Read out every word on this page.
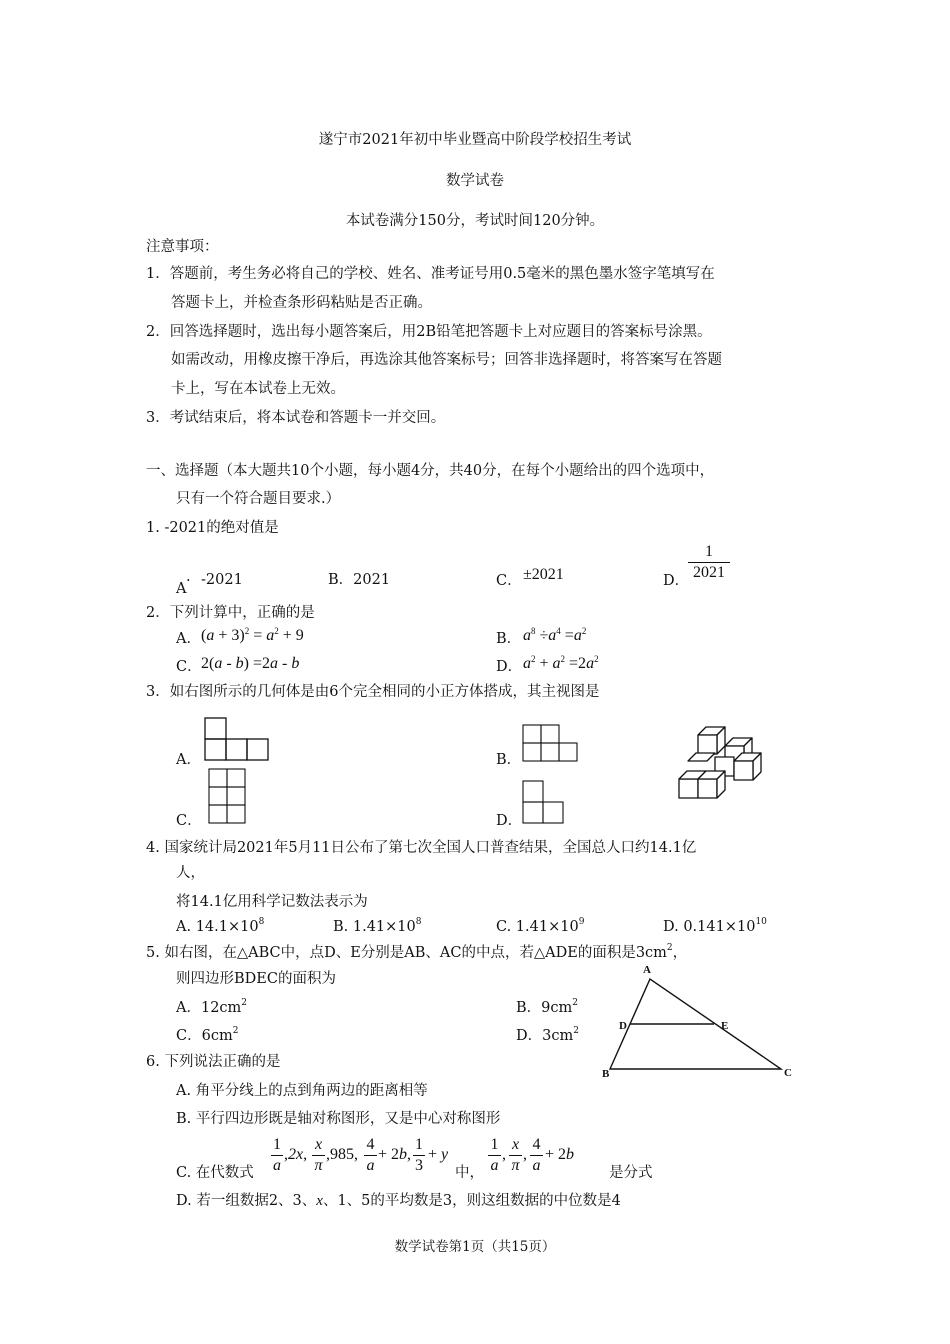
遂宁市2021年初中毕业暨高中阶段学校招生考试
数学试卷
本试卷满分150分，考试时间120分钟。
注意事项：
1．答题前，考生务必将自己的学校、姓名、准考证号用0.5毫米的黑色墨水签字笔填写在
答题卡上，并检查条形码粘贴是否正确。
2．回答选择题时，选出每小题答案后，用2B铅笔把答题卡上对应题目的答案标号涂黑。
如需改动，用橡皮擦干净后，再选涂其他答案标号；回答非选择题时，将答案写在答题
卡上，写在本试卷上无效。
3．考试结束后，将本试卷和答题卡一并交回。
一、选择题（本大题共10个小题，每小题4分，共40分，在每个小题给出的四个选项中，
只有一个符合题目要求.）
1. -2021的绝对值是
A
. -2021	B．2021	C． ±2021	D．
1
2021
2．下列计算中，正确的是
A． $(a + 3)^2 = a^2 + 9$	B． $a^8 \div a^4 =a^2$
C． 2(a - b) =2a - b	D． $a^2 + a^2 =2a^2$
3．如右图所示的几何体是由6个完全相同的小正方体搭成，其主视图是
A．	B．
C．	D．
4. 国家统计局2021年5月11日公布了第七次全国人口普查结果，全国总人口约14.1亿
人，
将14.1亿用科学记数法表示为
A. $14.1\times 10^8$	B. $1.41\times 10^8$	C. $1.41\times 10^9$	D. $0.141\times 10^{10}$
5. 如右图，在△ABC中，点D、E分别是AB、AC的中点，若△ADE的面积是$3cm^2$，
则四边形BDEC的面积为
A．$12cm^2$	B．$9cm^2$
C．$6cm^2$	D．$3cm^2$
A
B	C
D	E
6. 下列说法正确的是
A. 角平分线上的点到角两边的距离相等
B. 平行四边形既是轴对称图形，又是中心对称图形
C. 在代数式
1
a
,2x,
x
π
,985,
4
a
+ 2b,
1
3
+ y
中，
1
a
,
x
π
,
4
a
+ 2b
是分式
D. 若一组数据2、3、x、1、5的平均数是3，则这组数据的中位数是4
数学试卷第1页（共15页）
